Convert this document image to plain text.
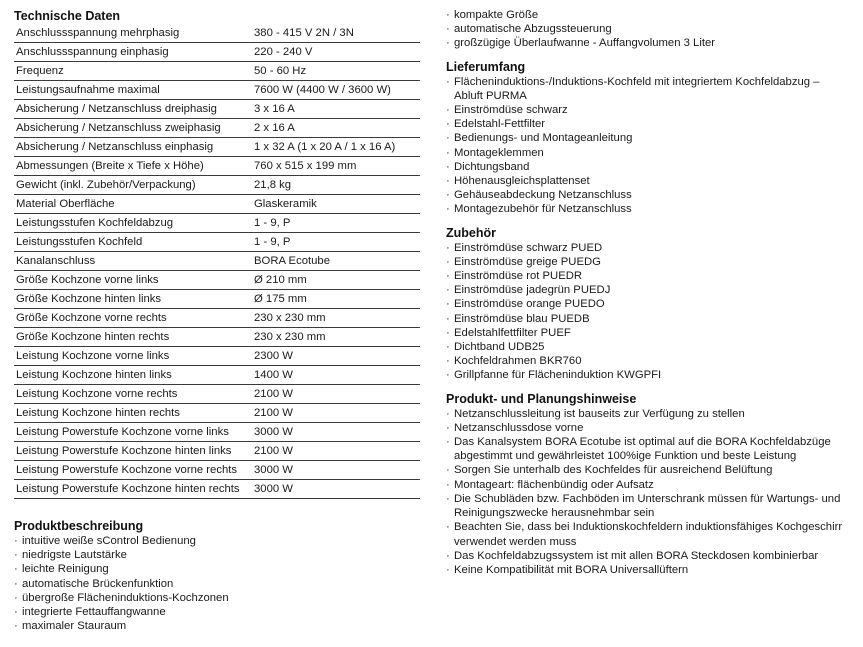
Technische Daten
Anschlussspannung mehrphasig	380 - 415 V 2N / 3N
Anschlussspannung einphasig	220 - 240 V
Frequenz	50 - 60 Hz
Leistungsaufnahme maximal	7600 W (4400 W / 3600 W)
Absicherung / Netzanschluss dreiphasig	3 x 16 A
Absicherung / Netzanschluss zweiphasig	2 x 16 A
Absicherung / Netzanschluss einphasig	1 x 32 A (1 x 20 A / 1 x 16 A)
Abmessungen (Breite x Tiefe x Höhe)	760 x 515 x 199 mm
Gewicht (inkl. Zubehör/Verpackung)	21,8 kg
Material Oberfläche	Glaskeramik
Leistungsstufen Kochfeldabzug	1 - 9, P
Leistungsstufen Kochfeld	1 - 9, P
Kanalanschluss	BORA Ecotube
Größe Kochzone vorne links	Ø 210 mm
Größe Kochzone hinten links	Ø 175 mm
Größe Kochzone vorne rechts	230 x 230 mm
Größe Kochzone hinten rechts	230 x 230 mm
Leistung Kochzone vorne links	2300 W
Leistung Kochzone hinten links	1400 W
Leistung Kochzone vorne rechts	2100 W
Leistung Kochzone hinten rechts	2100 W
Leistung Powerstufe Kochzone vorne links	3000 W
Leistung Powerstufe Kochzone hinten links	2100 W
Leistung Powerstufe Kochzone vorne rechts	3000 W
Leistung Powerstufe Kochzone hinten rechts	3000 W
Produktbeschreibung
· intuitive weiße sControl Bedienung
· niedrigste Lautstärke
· leichte Reinigung
· automatische Brückenfunktion
· übergroße Flächeninduktions-Kochzonen
· integrierte Fettauffangwanne
· maximaler Stauraum
· kompakte Größe
· automatische Abzugssteuerung
· großzügige Überlaufwanne - Auffangvolumen 3 Liter
Lieferumfang
· Flächeninduktions-/Induktions-Kochfeld mit integriertem Kochfeldabzug –
Abluft PURMA
· Einströmdüse schwarz
· Edelstahl-Fettfilter
· Bedienungs- und Montageanleitung
· Montageklemmen
· Dichtungsband
· Höhenausgleichsplattenset
· Gehäuseabdeckung Netzanschluss
· Montagezubehör für Netzanschluss
Zubehör
· Einströmdüse schwarz PUED
· Einströmdüse greige PUEDG
· Einströmdüse rot PUEDR
· Einströmdüse jadegrün PUEDJ
· Einströmdüse orange PUEDO
· Einströmdüse blau PUEDB
· Edelstahlfettfilter PUEF
· Dichtband UDB25
· Kochfeldrahmen BKR760
· Grillpfanne für Flächeninduktion KWGPFI
Produkt- und Planungshinweise
· Netzanschlussleitung ist bauseits zur Verfügung zu stellen
· Netzanschlussdose vorne
· Das Kanalsystem BORA Ecotube ist optimal auf die BORA Kochfeldabzüge
abgestimmt und gewährleistet 100%ige Funktion und beste Leistung
· Sorgen Sie unterhalb des Kochfeldes für ausreichend Belüftung
· Montageart: flächenbündig oder Aufsatz
· Die Schubläden bzw. Fachböden im Unterschrank müssen für Wartungs- und
Reinigungszwecke herausnehmbar sein
· Beachten Sie, dass bei Induktionskochfeldern induktionsfähiges Kochgeschirr
verwendet werden muss
· Das Kochfeldabzugssystem ist mit allen BORA Steckdosen kombinierbar
· Keine Kompatibilität mit BORA Universallüftern
